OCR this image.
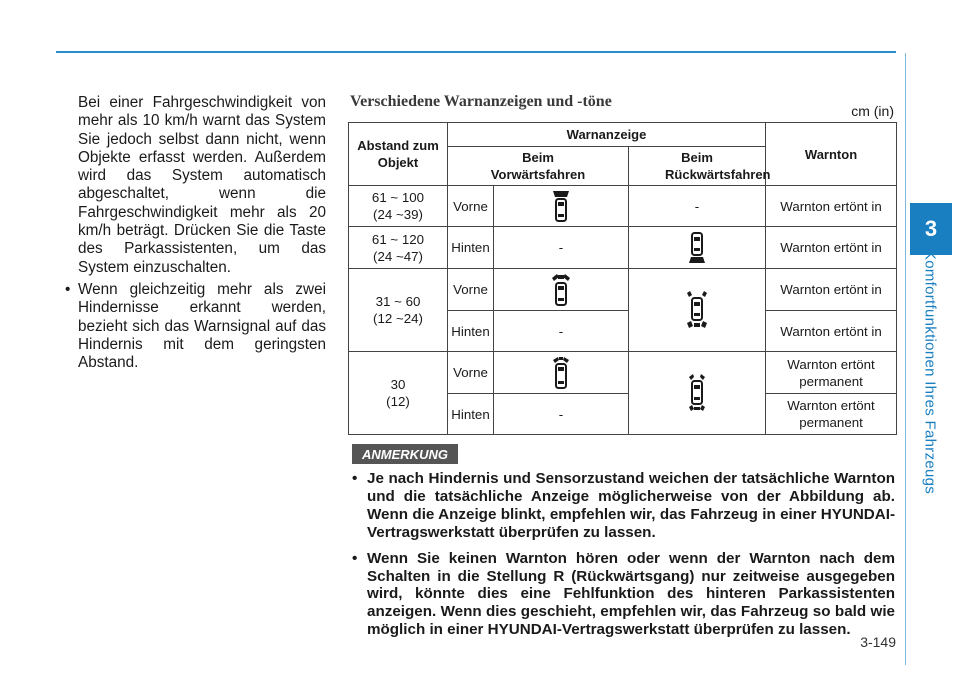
3
Komfortfunktionen Ihres Fahrzeugs

Bei einer Fahrgeschwindigkeit von mehr als 10 km/h warnt das System Sie jedoch selbst dann nicht, wenn Objekte erfasst werden. Außerdem wird das System automatisch abgeschaltet, wenn die Fahrgeschwindigkeit mehr als 20 km/h beträgt. Drücken Sie die Taste des Parkassistenten, um das System einzuschalten.

• Wenn gleichzeitig mehr als zwei Hindernisse erkannt werden, bezieht sich das Warnsignal auf das Hindernis mit dem geringsten Abstand.
Verschiedene Warnanzeigen und -töne
cm (in)
Abstand zum Objekt	Warnanzeige			Warnton
	Beim Vorwärtsfahren		Beim Rückwärtsfahren	
61 ~ 100
(24 ~39)	Vorne		-	Warnton ertönt in
61 ~ 120
(24 ~47)	Hinten	-		Warnton ertönt in
31 ~ 60
(12 ~24)	Vorne			Warnton ertönt in
	Hinten	-		Warnton ertönt in
30
(12)	Vorne			Warnton ertönt
permanent
	Hinten	-		Warnton ertönt
permanent
ANMERKUNG
• Je nach Hindernis und Sensorzustand weichen der tatsächliche Warnton und die tatsächliche Anzeige möglicherweise von der Abbildung ab. Wenn die Anzeige blinkt, empfehlen wir, das Fahrzeug in einer HYUNDAI-Vertragswerkstatt überprüfen zu lassen.
• Wenn Sie keinen Warnton hören oder wenn der Warnton nach dem Schalten in die Stellung R (Rückwärtsgang) nur zeitweise ausgegeben wird, könnte dies eine Fehlfunktion des hinteren Parkassistenten anzeigen. Wenn dies geschieht, empfehlen wir, das Fahrzeug so bald wie möglich in einer HYUNDAI-Vertragswerkstatt überprüfen zu lassen.
3-149
